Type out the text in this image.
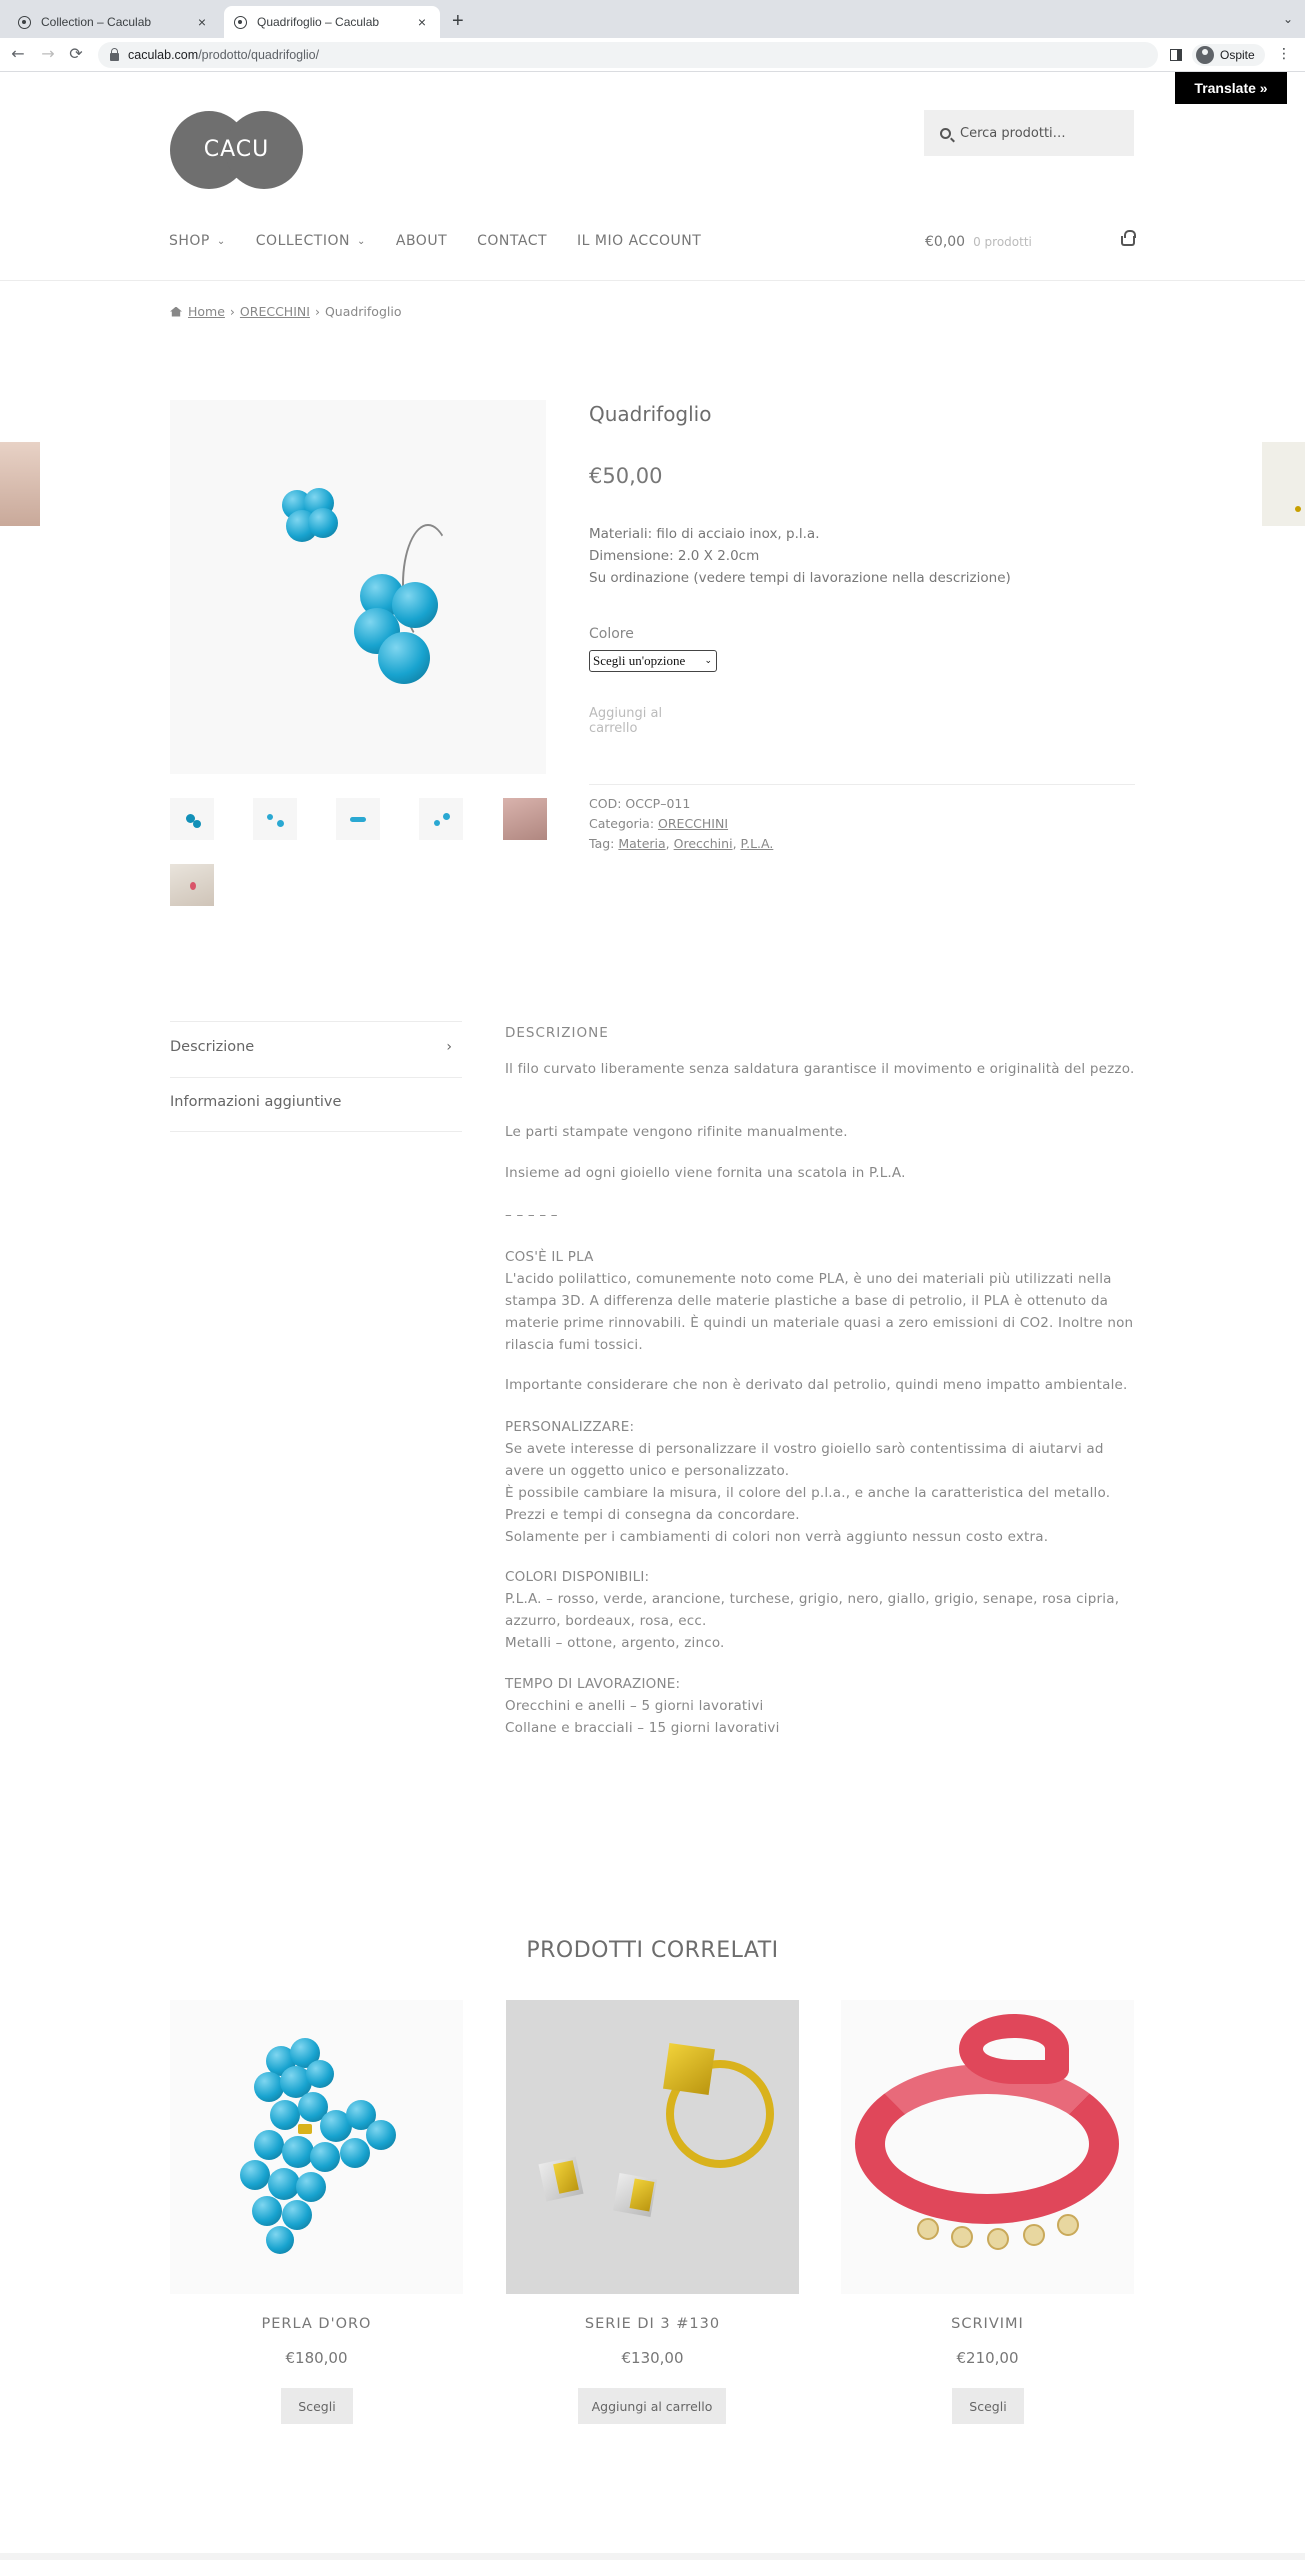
Collection – Caculab	×	Quadrifoglio – Caculab	× +	⌄
← → ⟳	caculab.com /prodotto/quadrifoglio/	Ospite ⋮
Translate »
CACU
Cerca prodotti…
SHOP ⌄ COLLECTION ⌄ ABOUT CONTACT IL MIO ACCOUNT	€0,00 0 prodotti
Home › ORECCHINI › Quadrifoglio
Quadrifoglio
€50,00
Materiali: filo di acciaio inox, p.l.a.
Dimensione: 2.0 X 2.0cm
Su ordinazione (vedere tempi di lavorazione nella descrizione)
Colore
Scegli un'opzione ⌄
Aggiungi al carrello
COD: OCCP–011
Categoria: ORECCHINI
Tag: Materia, Orecchini, P.L.A.
Descrizione	›
Informazioni aggiuntive
DESCRIZIONE
Il filo curvato liberamente senza saldatura garantisce il movimento e originalità del pezzo.
Le parti stampate vengono rifinite manualmente.
Insieme ad ogni gioiello viene fornita una scatola in P.L.A.
– – – – –
COS'È IL PLA
L'acido polilattico, comunemente noto come PLA, è uno dei materiali più utilizzati nella stampa 3D. A differenza delle materie plastiche a base di petrolio, il PLA è ottenuto da materie prime rinnovabili. È quindi un materiale quasi a zero emissioni di CO2. Inoltre non rilascia fumi tossici.
Importante considerare che non è derivato dal petrolio, quindi meno impatto ambientale.
PERSONALIZZARE:
Se avete interesse di personalizzare il vostro gioiello sarò contentissima di aiutarvi ad avere un oggetto unico e personalizzato.
È possibile cambiare la misura, il colore del p.l.a., e anche la caratteristica del metallo.
Prezzi e tempi di consegna da concordare.
Solamente per i cambiamenti di colori non verrà aggiunto nessun costo extra.
COLORI DISPONIBILI:
P.L.A. – rosso, verde, arancione, turchese, grigio, nero, giallo, grigio, senape, rosa cipria, azzurro, bordeaux, rosa, ecc.
Metalli – ottone, argento, zinco.
TEMPO DI LAVORAZIONE:
Orecchini e anelli – 5 giorni lavorativi
Collane e bracciali – 15 giorni lavorativi
PRODOTTI CORRELATI
PERLA D'ORO	SERIE DI 3 #130	SCRIVIMI
€180,00	€130,00	€210,00
Scegli	Aggiungi al carrello	Scegli
